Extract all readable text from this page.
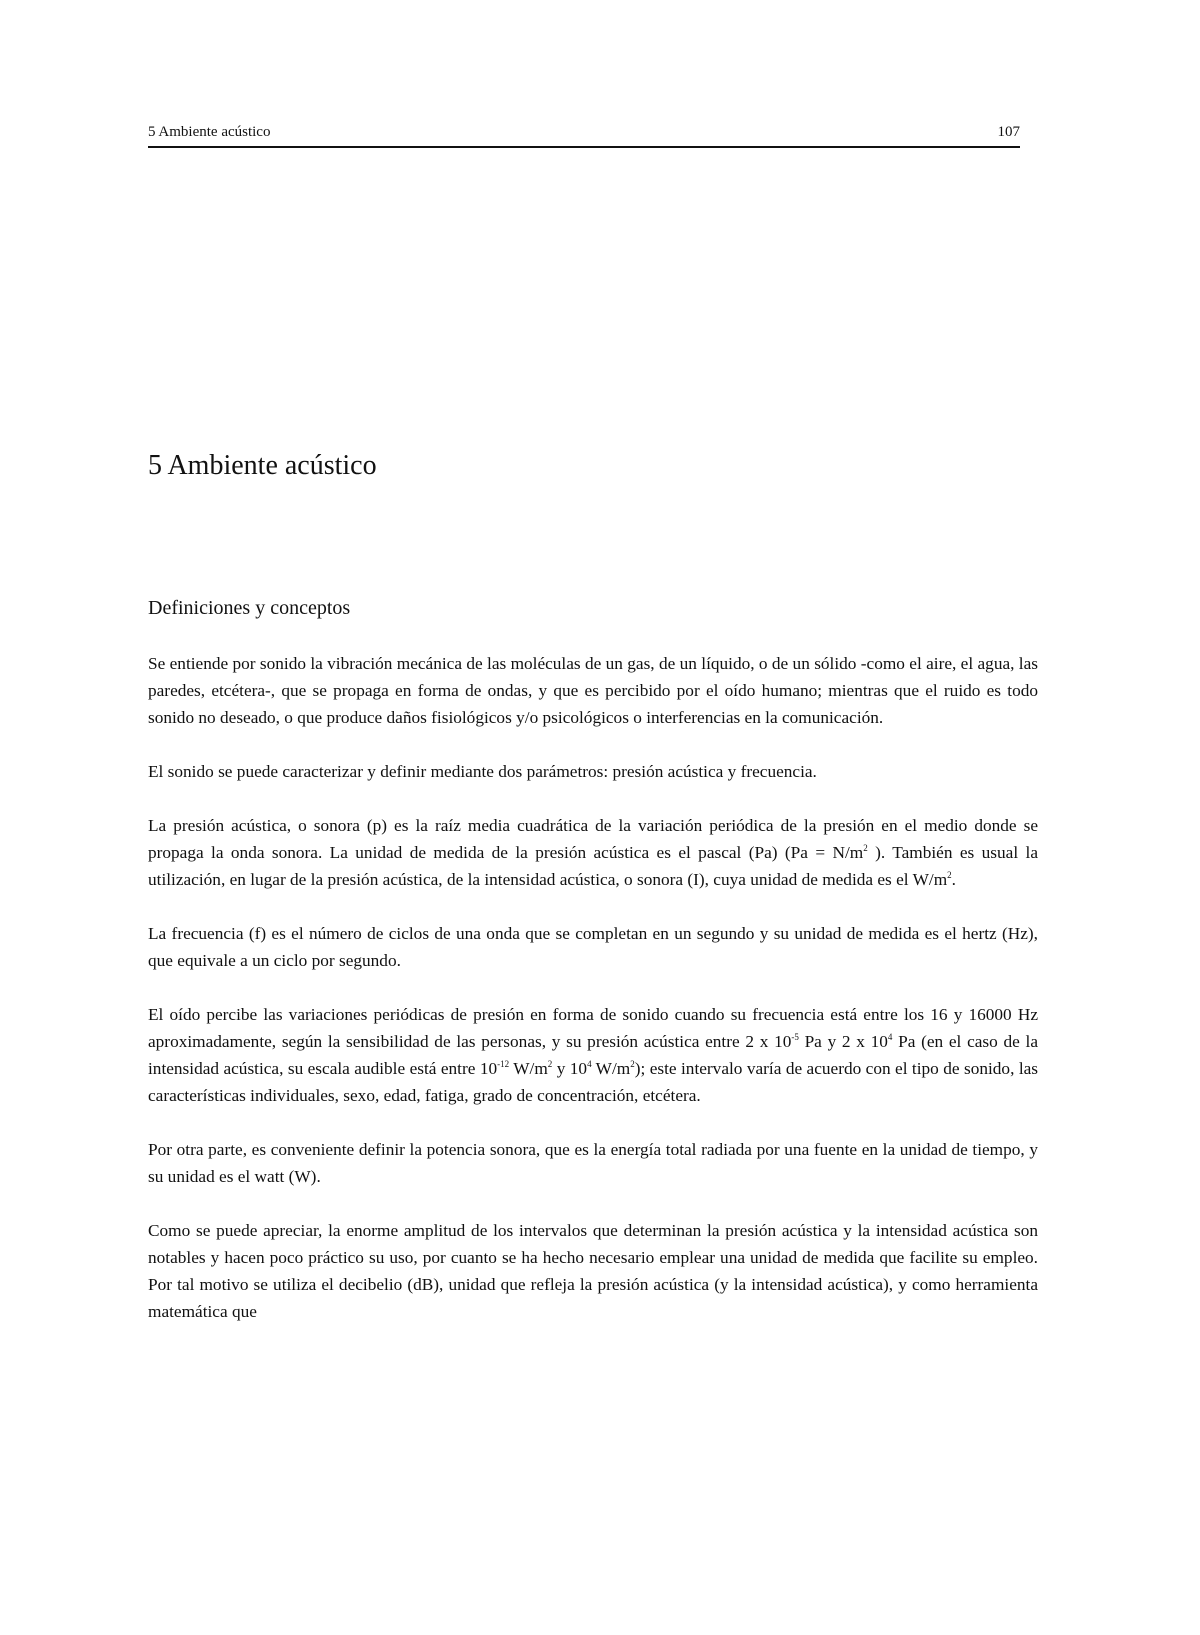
5 Ambiente acústico	107
5 Ambiente acústico
Definiciones y conceptos

Se entiende por sonido la vibración mecánica de las moléculas de un gas, de un líquido, o de un sólido -como el aire, el agua, las paredes, etcétera-, que se propaga en forma de ondas, y que es percibido por el oído humano; mientras que el ruido es todo sonido no deseado, o que produce daños fisiológicos y/o psicológicos o interferencias en la comunicación.

El sonido se puede caracterizar y definir mediante dos parámetros: presión acústica y frecuencia.

La presión acústica, o sonora (p) es la raíz media cuadrática de la variación periódica de la presión en el medio donde se propaga la onda sonora. La unidad de medida de la presión acústica es el pascal (Pa) ($Pa = N/m^2$ ). También es usual la utilización, en lugar de la presión acústica, de la intensidad acústica, o sonora (I), cuya unidad de medida es el $W/m^2$.

La frecuencia (f) es el número de ciclos de una onda que se completan en un segundo y su unidad de medida es el hertz (Hz), que equivale a un ciclo por segundo.

El oído percibe las variaciones periódicas de presión en forma de sonido cuando su frecuencia está entre los 16 y 16000 Hz aproximadamente, según la sensibilidad de las personas, y su presión acústica entre 2 x $10^{-5}$ Pa y 2 x $10^4$ Pa (en el caso de la intensidad acústica, su escala audible está entre $10^{-12}$ $W/m^2$ y $10^4$ $W/m^2$); este intervalo varía de acuerdo con el tipo de sonido, las características individuales, sexo, edad, fatiga, grado de concentración, etcétera.

Por otra parte, es conveniente definir la potencia sonora, que es la energía total radiada por una fuente en la unidad de tiempo, y su unidad es el watt (W).

Como se puede apreciar, la enorme amplitud de los intervalos que determinan la presión acústica y la intensidad acústica son notables y hacen poco práctico su uso, por cuanto se ha hecho necesario emplear una unidad de medida que facilite su empleo. Por tal motivo se utiliza el decibelio (dB), unidad que refleja la presión acústica (y la intensidad acústica), y como herramienta matemática que
